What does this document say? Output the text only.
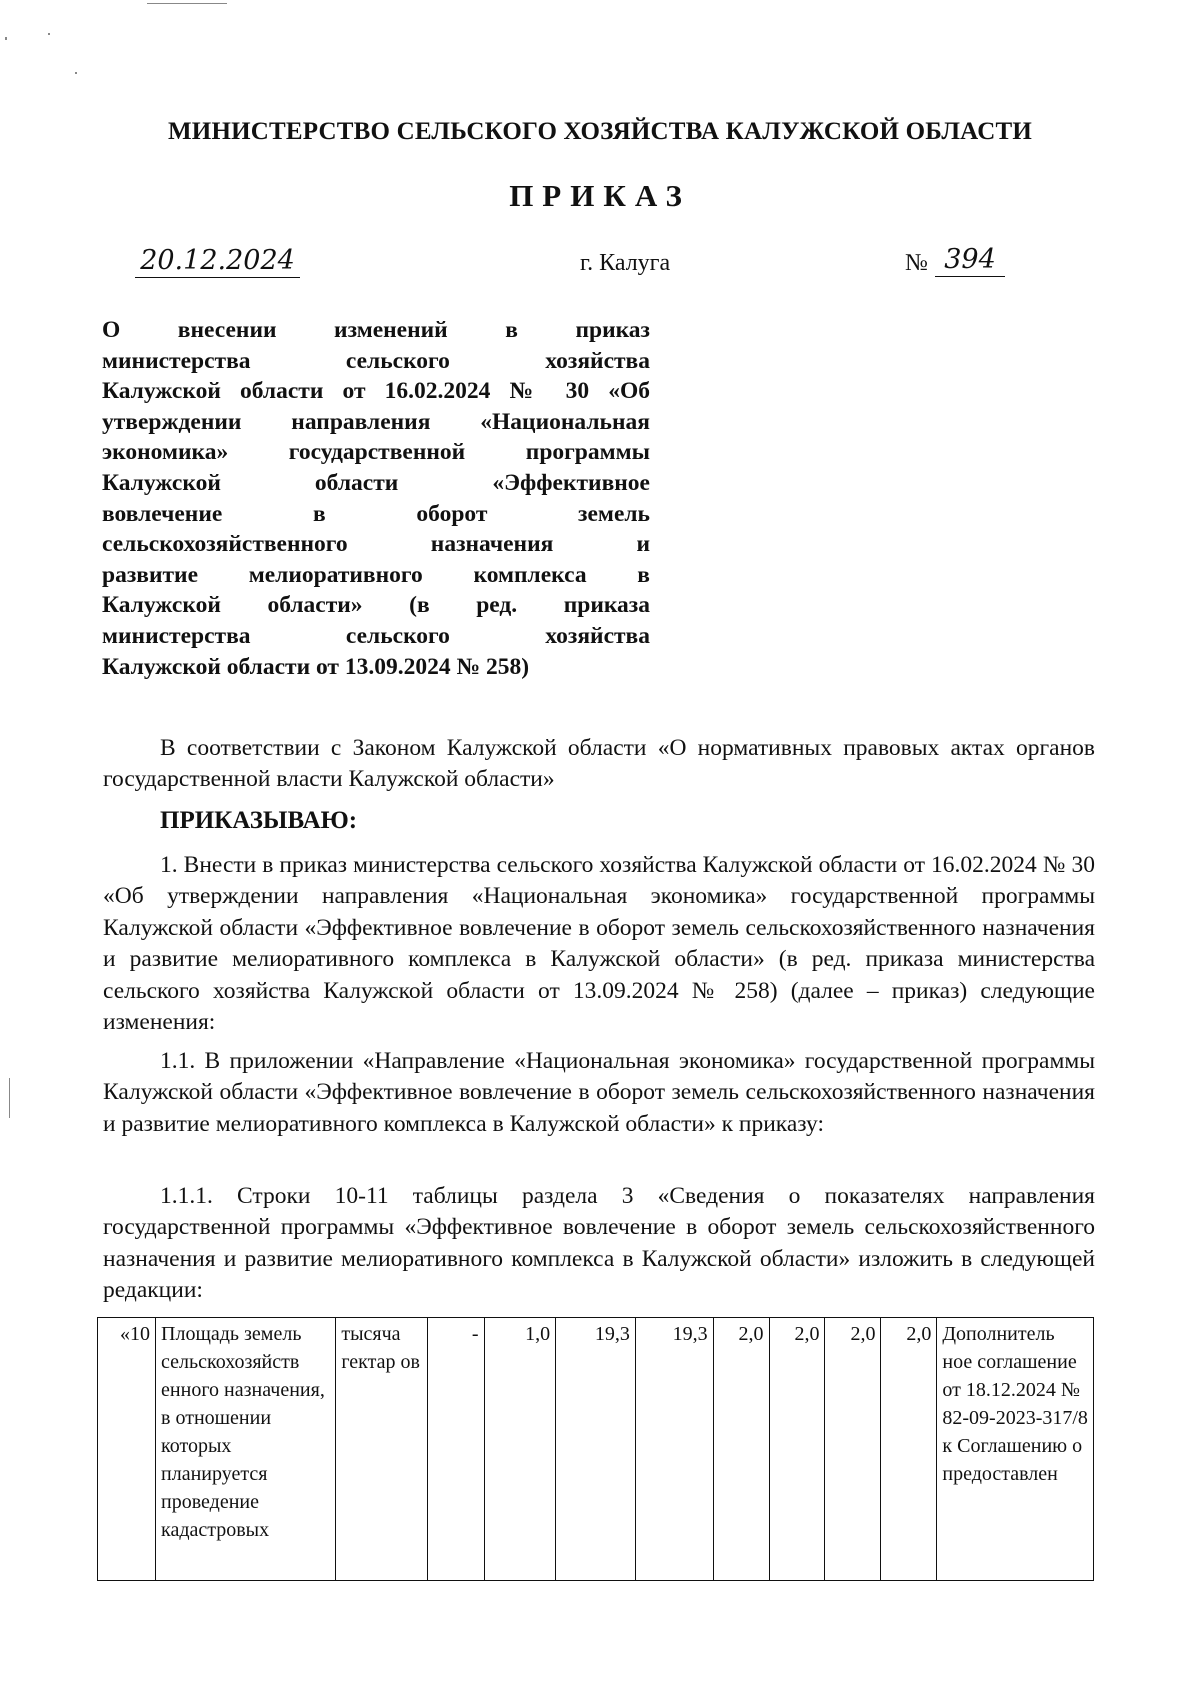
МИНИСТЕРСТВО СЕЛЬСКОГО ХОЗЯЙСТВА КАЛУЖСКОЙ ОБЛАСТИ
ПРИКАЗ
20.12.2024	г. Калуга	№ 394
О внесении изменений в приказ
министерства сельского хозяйства
Калужской области от 16.02.2024 № 30 «Об
утверждении направления «Национальная
экономика» государственной программы
Калужской области «Эффективное
вовлечение в оборот земель
сельскохозяйственного назначения и
развитие мелиоративного комплекса в
Калужской области» (в ред. приказа
министерства сельского хозяйства
Калужской области от 13.09.2024 № 258)
В соответствии с Законом Калужской области «О нормативных правовых актах органов государственной власти Калужской области»
ПРИКАЗЫВАЮ:
1. Внести в приказ министерства сельского хозяйства Калужской области от 16.02.2024 № 30 «Об утверждении направления «Национальная экономика» государственной программы Калужской области «Эффективное вовлечение в оборот земель сельскохозяйственного назначения и развитие мелиоративного комплекса в Калужской области» (в ред. приказа министерства сельского хозяйства Калужской области от 13.09.2024 № 258) (далее – приказ) следующие изменения:
1.1. В приложении «Направление «Национальная экономика» государственной программы Калужской области «Эффективное вовлечение в оборот земель сельскохозяйственного назначения и развитие мелиоративного комплекса в Калужской области» к приказу:
1.1.1. Строки 10-11 таблицы раздела 3 «Сведения о показателях направления государственной программы «Эффективное вовлечение в оборот земель сельскохозяйственного назначения и развитие мелиоративного комплекса в Калужской области» изложить в следующей редакции:
«10	Площадь земель сельскохозяйств енного назначения, в отношении которых планируется проведение кадастровых	тысяча гектар ов	-	1,0	19,3	19,3	2,0	2,0	2,0	2,0	Дополнитель ное соглашение от 18.12.2024 № 82-09-2023-317/8 к Соглашению о предоставлен
